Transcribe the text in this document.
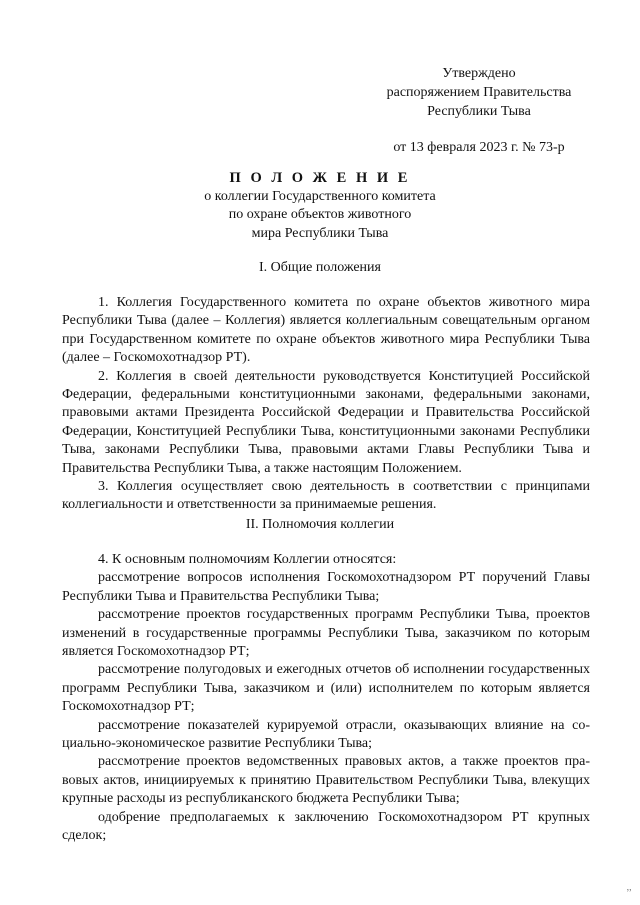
Утверждено
распоряжением Правительства
Республики Тыва
от 13 февраля 2023 г. № 73-р
П О Л О Ж Е Н И Е
о коллегии Государственного комитета
по охране объектов животного
мира Республики Тыва
I. Общие положения

1. Коллегия Государственного комитета по охране объектов животного мира Республики Тыва (далее – Коллегия) является коллегиальным совещательным органом при Государственном комитете по охране объектов животного мира Республики Тыва (далее – Госкомохотнадзор РТ).

2. Коллегия в своей деятельности руководствуется Конституцией Российской Федерации, федеральными конституционными законами, федеральными законами, правовыми актами Президента Российской Федерации и Правительства Российской Федерации, Конституцией Республики Тыва, конституционными законами Республики Тыва, законами Республики Тыва, правовыми актами Главы Республики Тыва и Правительства Республики Тыва, а также настоящим Положением.

3. Коллегия осуществляет свою деятельность в соответствии с принципами коллегиальности и ответственности за принимаемые решения.

II. Полномочия коллегии

4. К основным полномочиям Коллегии относятся:

рассмотрение вопросов исполнения Госкомохотнадзором РТ поручений Главы Республики Тыва и Правительства Республики Тыва;

рассмотрение проектов государственных программ Республики Тыва, проектов изменений в государственные программы Республики Тыва, заказчиком по которым является Госкомохотнадзор РТ;

рассмотрение полугодовых и ежегодных отчетов об исполнении государственных программ Республики Тыва, заказчиком и (или) исполнителем по которым является Госкомохотнадзор РТ;

рассмотрение показателей курируемой отрасли, оказывающих влияние на социально-экономическое развитие Республики Тыва;

рассмотрение проектов ведомственных правовых актов, а также проектов правовых актов, инициируемых к принятию Правительством Республики Тыва, влекущих крупные расходы из республиканского бюджета Республики Тыва;

одобрение предполагаемых к заключению Госкомохотнадзором РТ крупных сделок;

’’
